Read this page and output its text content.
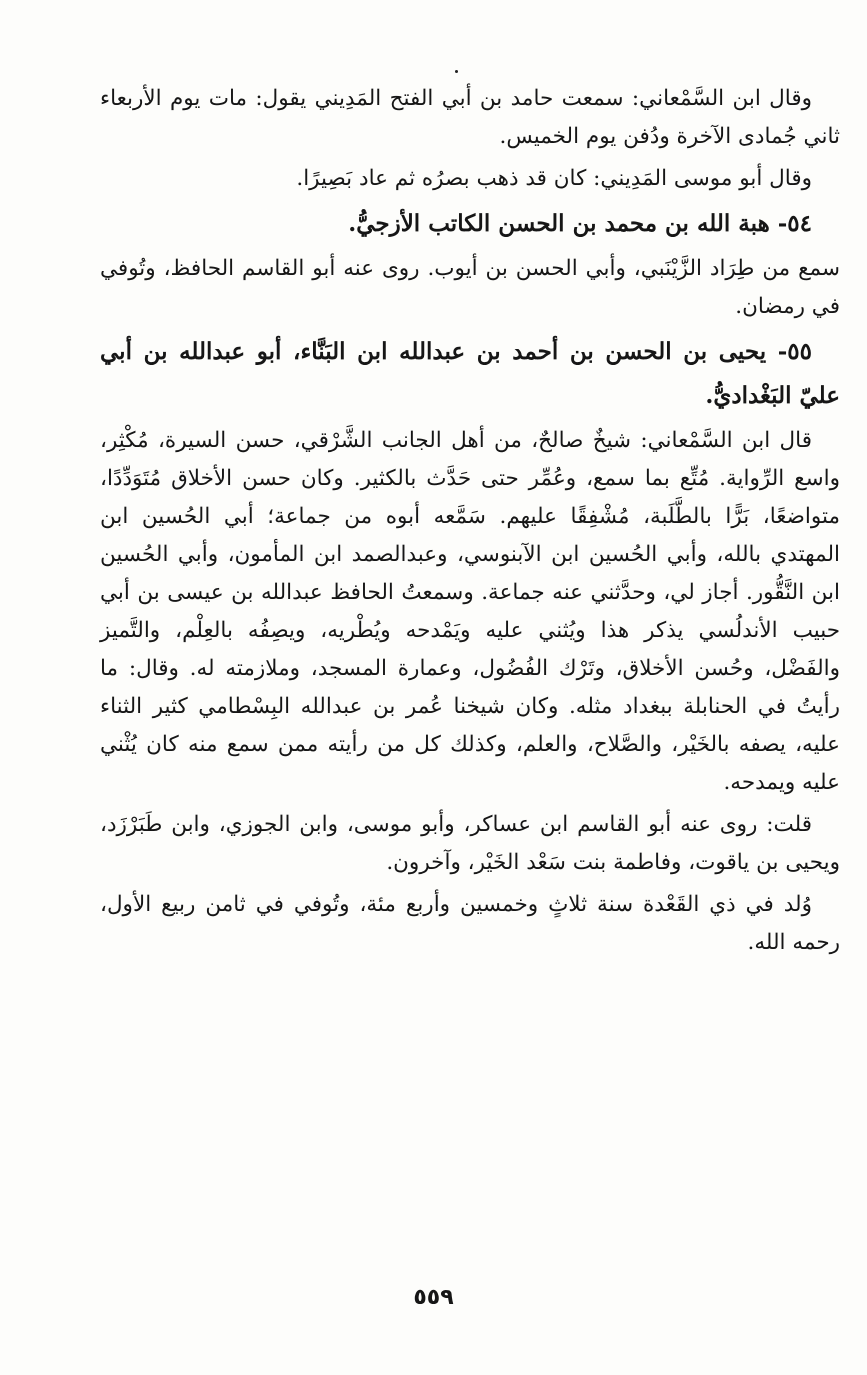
وقال ابن السَّمْعاني: سمعت حامد بن أبي الفتح المَدِيني يقول: مات يوم الأربعاء ثاني جُمادى الآخرة ودُفن يوم الخميس.

وقال أبو موسى المَدِيني: كان قد ذهب بصرُه ثم عاد بَصِيرًا.

٥٤- هبة الله بن محمد بن الحسن الكاتب الأزجيُّ.

سمع من طِرَاد الزَّيْنَبي، وأبي الحسن بن أيوب. روى عنه أبو القاسم الحافظ، وتُوفي في رمضان.

٥٥- يحيى بن الحسن بن أحمد بن عبدالله ابن البَنَّاء، أبو عبدالله بن أبي عليّ البَغْداديُّ.

قال ابن السَّمْعاني: شيخٌ صالحٌ، من أهل الجانب الشَّرْقي، حسن السيرة، مُكْثِر، واسع الرِّواية. مُتِّع بما سمع، وعُمِّر حتى حَدَّث بالكثير. وكان حسن الأخلاق مُتَوَدِّدًا، متواضعًا، بَرًّا بالطَّلَبة، مُشْفِقًا عليهم. سَمَّعه أبوه من جماعة؛ أبي الحُسين ابن المهتدي بالله، وأبي الحُسين ابن الآبنوسي، وعبدالصمد ابن المأمون، وأبي الحُسين ابن النَّقُّور. أجاز لي، وحدَّثني عنه جماعة. وسمعتُ الحافظ عبدالله بن عيسى بن أبي حبيب الأندلُسي يذكر هذا ويُثني عليه ويَمْدحه ويُطْريه، ويصِفُه بالعِلْم، والتَّميز والفَضْل، وحُسن الأخلاق، وتَرْك الفُضُول، وعمارة المسجد، وملازمته له. وقال: ما رأيتُ في الحنابلة ببغداد مثله. وكان شيخنا عُمر بن عبدالله البِسْطامي كثير الثناء عليه، يصفه بالخَيْر، والصَّلاح، والعلم، وكذلك كل من رأيته ممن سمع منه كان يُثْني عليه ويمدحه.

قلت: روى عنه أبو القاسم ابن عساكر، وأبو موسى، وابن الجوزي، وابن طَبَرْزَد، ويحيى بن ياقوت، وفاطمة بنت سَعْد الخَيْر، وآخرون.

وُلد في ذي القَعْدة سنة ثلاثٍ وخمسين وأربع مئة، وتُوفي في ثامن ربيع الأول، رحمه الله.

٥٥٩
